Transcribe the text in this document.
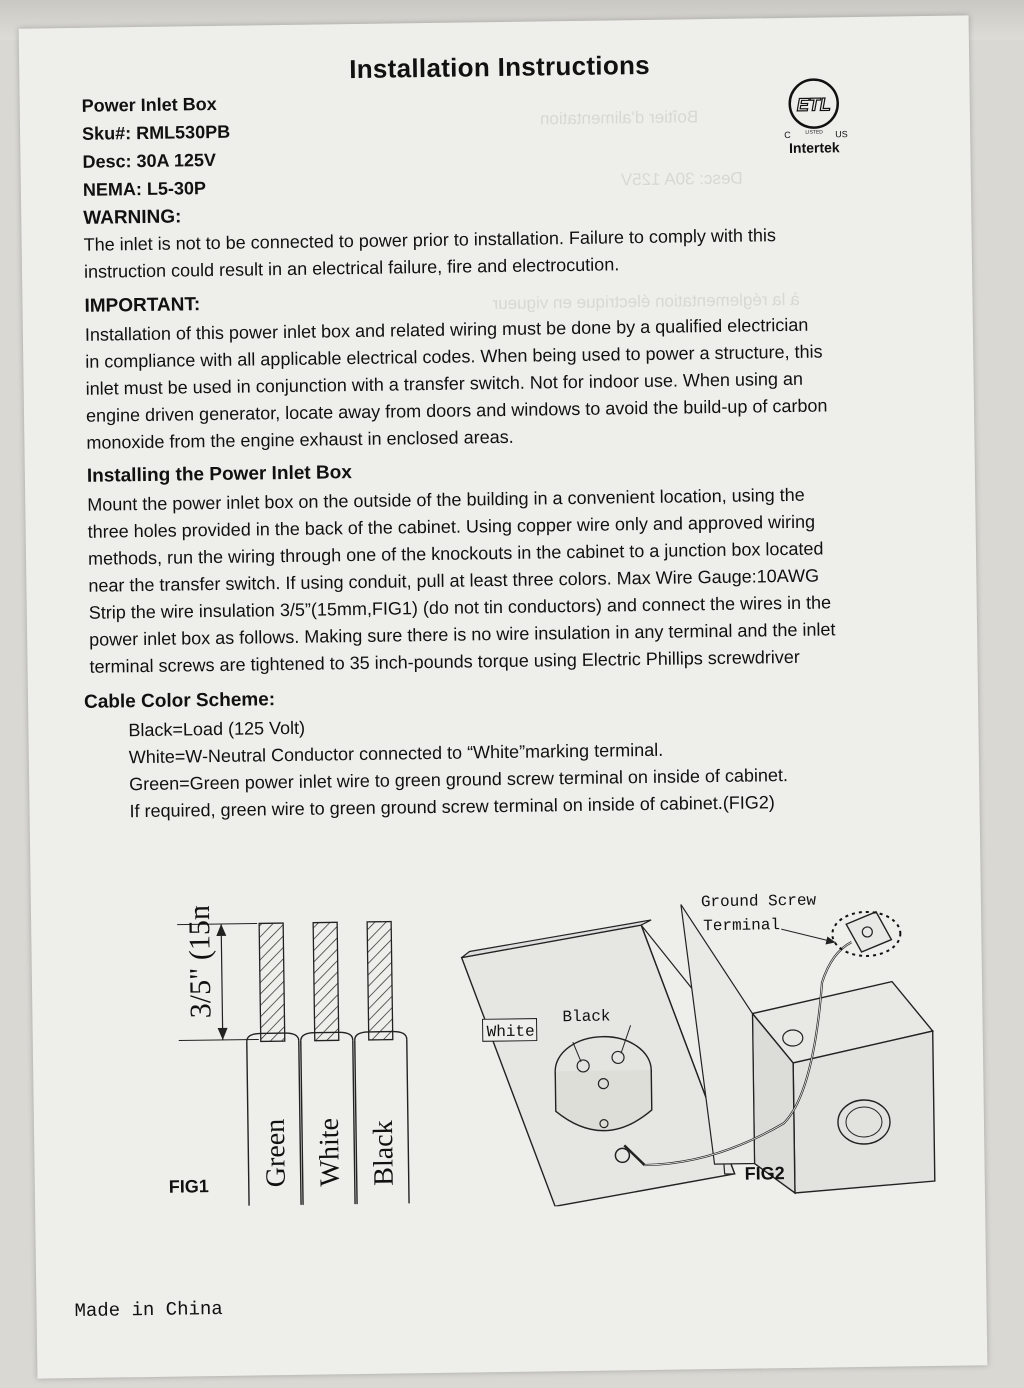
Boîtier d'alimentation
Desc: 30A 125V
à la réglementation électrique en vigueur
Installation Instructions
Power Inlet Box
Sku#: RML530PB
Desc: 30A 125V
NEMA: L5-30P
ETL
C	US
LISTED
Intertek
WARNING:
The inlet is not to be connected to power prior to installation. Failure to comply with this
instruction could result in an electrical failure, fire and electrocution.
IMPORTANT:
Installation of this power inlet box and related wiring must be done by a qualified electrician
in compliance with all applicable electrical codes. When being used to power a structure, this
inlet must be used in conjunction with a transfer switch. Not for indoor use. When using an
engine driven generator, locate away from doors and windows to avoid the build-up of carbon
monoxide from the engine exhaust in enclosed areas.
Installing the Power Inlet Box
Mount the power inlet box on the outside of the building in a convenient location, using the
three holes provided in the back of the cabinet. Using copper wire only and approved wiring
methods, run the wiring through one of the knockouts in the cabinet to a junction box located
near the transfer switch. If using conduit, pull at least three colors. Max Wire Gauge:10AWG
Strip the wire insulation 3/5”(15mm,FIG1) (do not tin conductors) and connect the wires in the
power inlet box as follows. Making sure there is no wire insulation in any terminal and the inlet
terminal screws are tightened to 35 inch-pounds torque using Electric Phillips screwdriver
Cable Color Scheme:
Black=Load (125 Volt)
White=W-Neutral Conductor connected to “White”marking terminal.
Green=Green power inlet wire to green ground screw terminal on inside of cabinet.
If required, green wire to green ground screw terminal on inside of cabinet.(FIG2)
3/5" (15mm)
Green White Black
FIG1
White
Black
Ground Screw
Terminal
FIG2
Made in China
